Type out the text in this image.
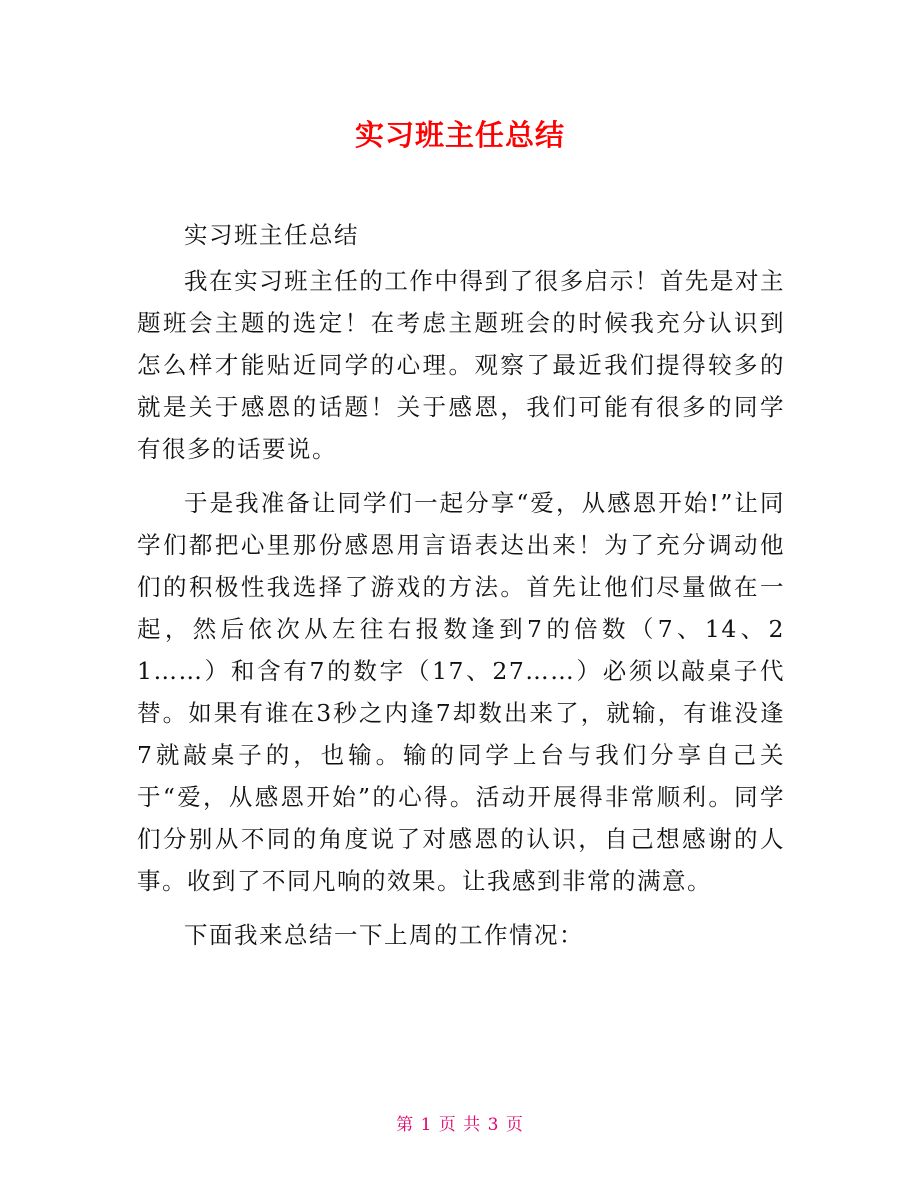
实习班主任总结

实习班主任总结

我在实习班主任的工作中得到了很多启示！首先是对主题班会主题的选定！在考虑主题班会的时候我充分认识到怎么样才能贴近同学的心理。观察了最近我们提得较多的就是关于感恩的话题！关于感恩，我们可能有很多的同学有很多的话要说。

于是我准备让同学们一起分享“爱，从感恩开始!”让同学们都把心里那份感恩用言语表达出来！为了充分调动他们的积极性我选择了游戏的方法。首先让他们尽量做在一起，然后依次从左往右报数逢到7的倍数（7、14、21……）和含有7的数字（17、27……）必须以敲桌子代替。如果有谁在3秒之内逢7却数出来了，就输，有谁没逢7就敲桌子的，也输。输的同学上台与我们分享自己关于“爱，从感恩开始”的心得。活动开展得非常顺利。同学们分别从不同的角度说了对感恩的认识，自己想感谢的人事。收到了不同凡响的效果。让我感到非常的满意。

下面我来总结一下上周的工作情况：

第 1 页 共 3 页
